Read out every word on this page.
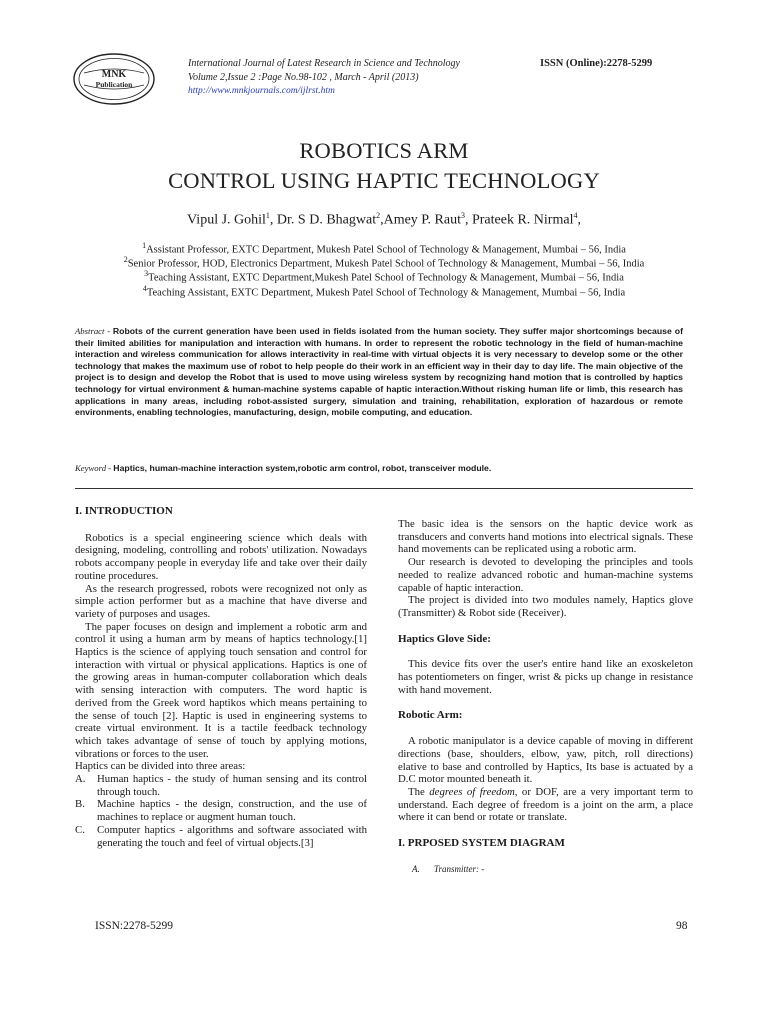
MNK
Publication
International Journal of Latest Research in Science and Technology
Volume 2,Issue 2 :Page No.98-102 , March - April (2013)
http://www.mnkjournals.com/ijlrst.htm
ISSN (Online):2278-5299
ROBOTICS ARM
CONTROL USING HAPTIC TECHNOLOGY
Vipul J. Gohil$^1$, Dr. S D. Bhagwat$^2$,Amey P. Raut$^3$, Prateek R. Nirmal$^4$,
$^1$Assistant Professor, EXTC Department, Mukesh Patel School of Technology & Management, Mumbai – 56, India
$^2$Senior Professor, HOD, Electronics Department, Mukesh Patel School of Technology & Management, Mumbai – 56, India
$^3$Teaching Assistant, EXTC Department,Mukesh Patel School of Technology & Management, Mumbai – 56, India
$^4$Teaching Assistant, EXTC Department, Mukesh Patel School of Technology & Management, Mumbai – 56, India
Abstract - Robots of the current generation have been used in fields isolated from the human society. They suffer major shortcomings because of their limited abilities for manipulation and interaction with humans. In order to represent the robotic technology in the field of human-machine interaction and wireless communication for allows interactivity in real-time with virtual objects it is very necessary to develop some or the other technology that makes the maximum use of robot to help people do their work in an efficient way in their day to day life. The main objective of the project is to design and develop the Robot that is used to move using wireless system by recognizing hand motion that is controlled by haptics technology for virtual environment & human-machine systems capable of haptic interaction.Without risking human life or limb, this research has applications in many areas, including robot-assisted surgery, simulation and training, rehabilitation, exploration of hazardous or remote environments, enabling technologies, manufacturing, design, mobile computing, and education.
Keyword - Haptics, human-machine interaction system,robotic arm control, robot, transceiver module.

I. INTRODUCTION

Robotics is a special engineering science which deals with designing, modeling, controlling and robots' utilization. Nowadays robots accompany people in everyday life and take over their daily routine procedures.

As the research progressed, robots were recognized not only as simple action performer but as a machine that have diverse and variety of purposes and usages.

The paper focuses on design and implement a robotic arm and control it using a human arm by means of haptics technology.[1] Haptics is the science of applying touch sensation and control for interaction with virtual or physical applications. Haptics is one of the growing areas in human-computer collaboration which deals with sensing interaction with computers. The word haptic is derived from the Greek word haptikos which means pertaining to the sense of touch [2]. Haptic is used in engineering systems to create virtual environment. It is a tactile feedback technology which takes advantage of sense of touch by applying motions, vibrations or forces to the user.

Haptics can be divided into three areas:

A.	Human haptics - the study of human sensing and its control through touch.
B.	Machine haptics - the design, construction, and the use of machines to replace or augment human touch.
C.	Computer haptics - algorithms and software associated with generating the touch and feel of virtual objects.[3]

The basic idea is the sensors on the haptic device work as transducers and converts hand motions into electrical signals. These hand movements can be replicated using a robotic arm.

Our research is devoted to developing the principles and tools needed to realize advanced robotic and human-machine systems capable of haptic interaction.

The project is divided into two modules namely, Haptics glove (Transmitter) & Robot side (Receiver).

Haptics Glove Side:

This device fits over the user's entire hand like an exoskeleton has potentiometers on finger, wrist & picks up change in resistance with hand movement.

Robotic Arm:

A robotic manipulator is a device capable of moving in different directions (base, shoulders, elbow, yaw, pitch, roll directions) elative to base and controlled by Haptics, Its base is actuated by a D.C motor mounted beneath it.

The degrees of freedom, or DOF, are a very important term to understand. Each degree of freedom is a joint on the arm, a place where it can bend or rotate or translate.

I. PRPOSED SYSTEM DIAGRAM

A. Transmitter: -

ISSN:2278-5299	98
